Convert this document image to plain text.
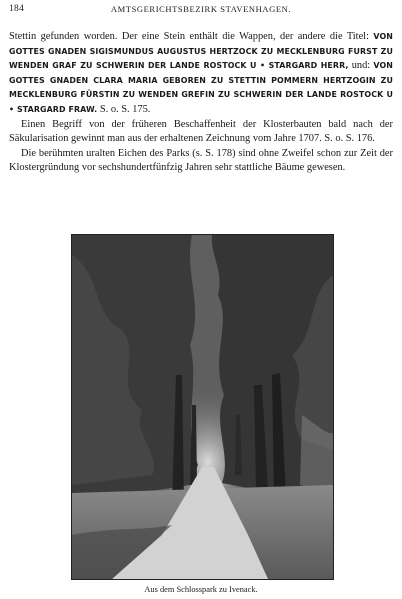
184	AMTSGERICHTSBEZIRK STAVENHAGEN.

Stettin gefunden worden. Der eine Stein enthält die Wappen, der andere die Titel: VON GOTTES GNADEN SIGISMUNDUS AUGUSTUS HERTZOCK ZU MECKLENBURG FURST ZU WENDEN GRAF ZU SCHWERIN DER LANDE ROSTOCK U • STARGARD HERR, und: VON GOTTES GNADEN CLARA MARIA GEBOREN ZU STETTIN POMMERN HERTZOGIN ZU MECKLENBURG FÜRSTIN ZU WENDEN GREFIN ZU SCHWERIN DER LANDE ROSTOCK U • STARGARD FRAW. S. o. S. 175.

Einen Begriff von der früheren Beschaffenheit der Klosterbauten bald nach der Säkularisation gewinnt man aus der erhaltenen Zeichnung vom Jahre 1707. S. o. S. 176.

Die berühmten uralten Eichen des Parks (s. S. 178) sind ohne Zweifel schon zur Zeit der Klostergründung vor sechshundertfünfzig Jahren sehr stattliche Bäume gewesen.

Aus dem Schlosspark zu Ivenack.
